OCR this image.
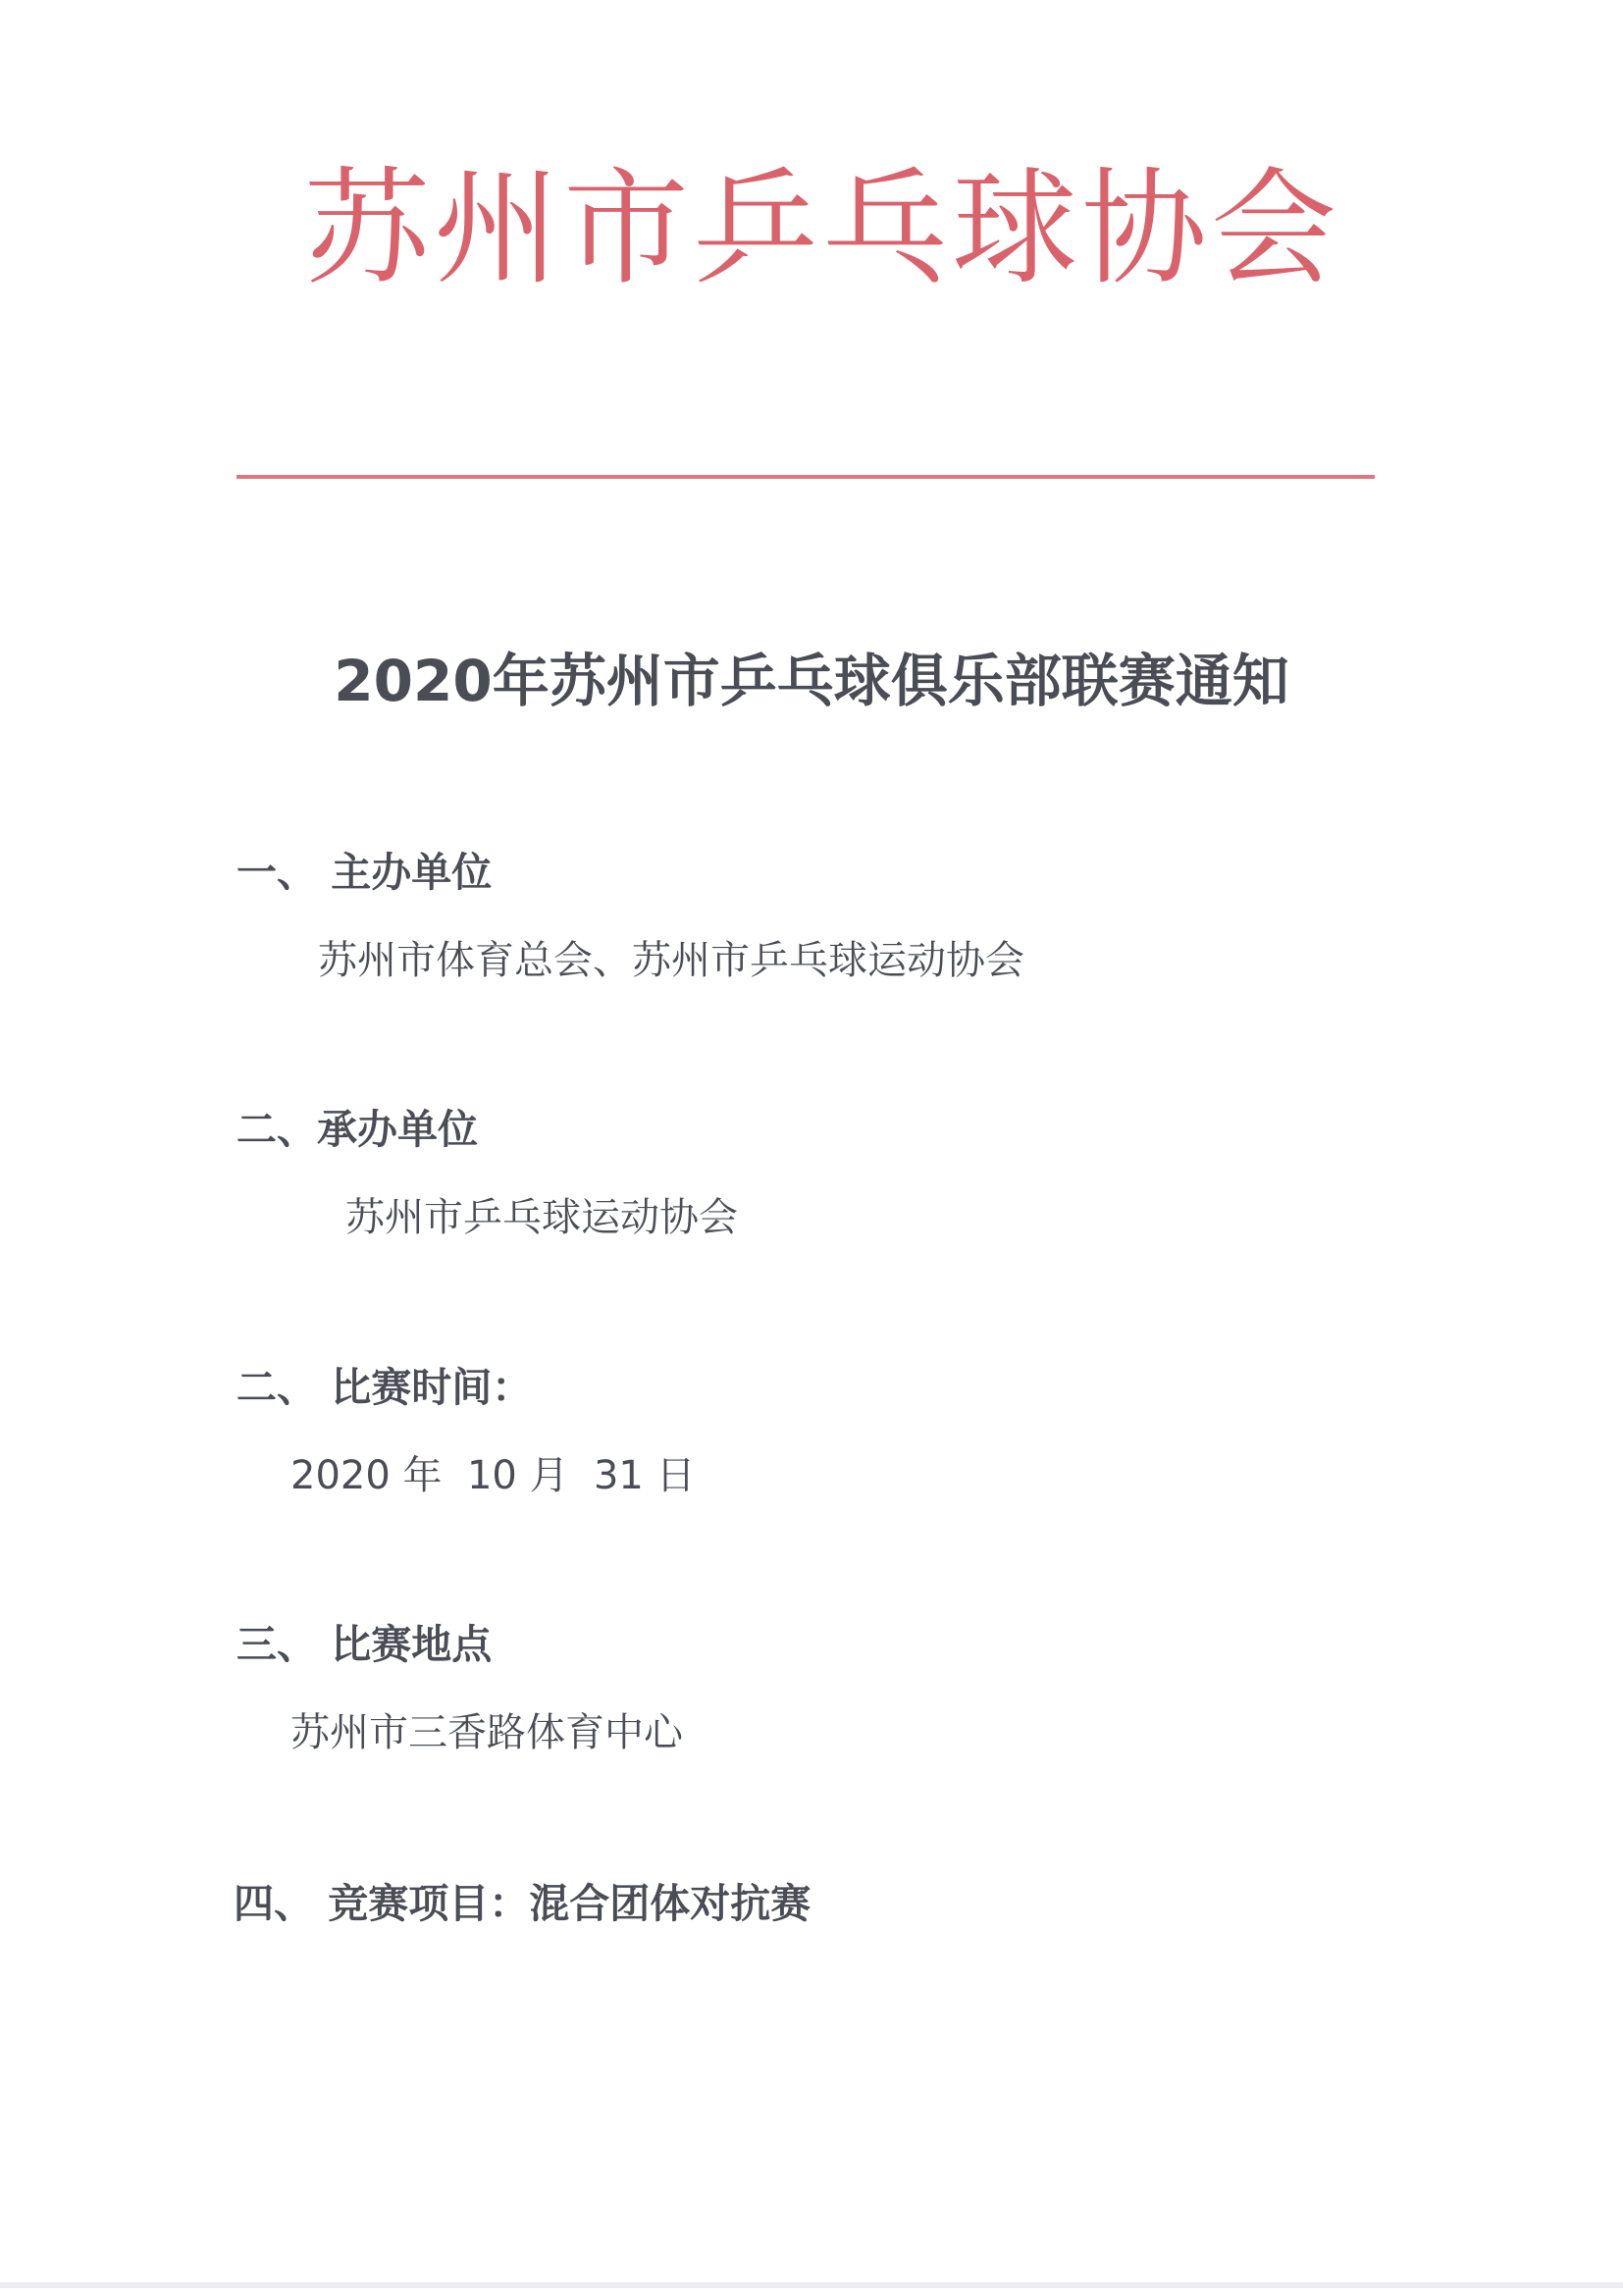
苏州市乒乓球协会
2020年苏州市乒乓球俱乐部联赛通知
一、 主办单位
苏州市体育总会、苏州市乒乓球运动协会
二、承办单位
苏州市乒乓球运动协会
二、 比赛时间：
2020 年  10 月  31 日
三、 比赛地点
苏州市三香路体育中心
四、 竞赛项目：混合团体对抗赛
